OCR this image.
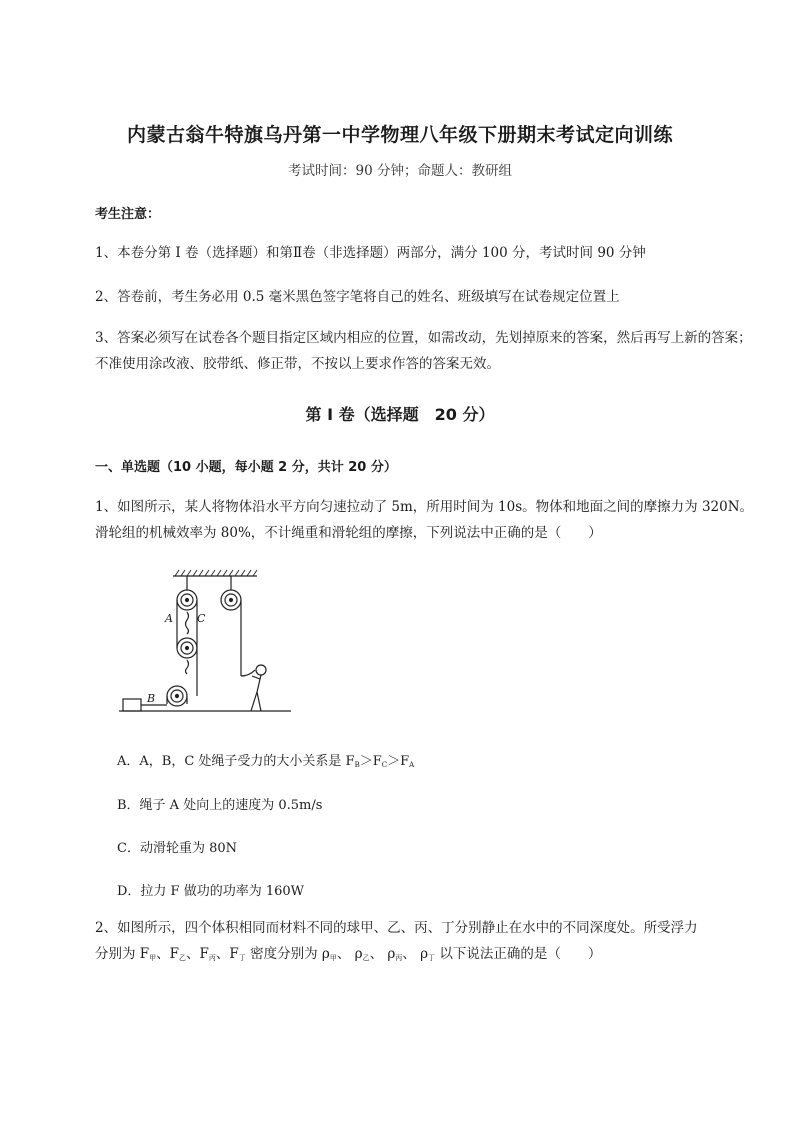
内蒙古翁牛特旗乌丹第一中学物理八年级下册期末考试定向训练
考试时间：90 分钟；命题人：教研组
考生注意：
1、本卷分第 I 卷（选择题）和第Ⅱ卷（非选择题）两部分，满分 100 分，考试时间 90 分钟
2、答卷前，考生务必用 0.5 毫米黑色签字笔将自己的姓名、班级填写在试卷规定位置上
3、答案必须写在试卷各个题目指定区域内相应的位置，如需改动，先划掉原来的答案，然后再写上新的答案；不准使用涂改液、胶带纸、修正带，不按以上要求作答的答案无效。
第 I 卷（选择题　20 分）
一、单选题（10 小题，每小题 2 分，共计 20 分）
1、如图所示，某人将物体沿水平方向匀速拉动了 5m，所用时间为 10s。物体和地面之间的摩擦力为 320N。滑轮组的机械效率为 80%，不计绳重和滑轮组的摩擦，下列说法中正确的是（　　）
A C
B
A．A，B，C 处绳子受力的大小关系是 $F_B>F_C>F_A$
B．绳子 A 处向上的速度为 0.5m/s
C．动滑轮重为 80N
D．拉力 F 做功的功率为 160W
2、如图所示，四个体积相同而材料不同的球甲、乙、丙、丁分别静止在水中的不同深度处。所受浮力
分别为 $F_甲$、$F_乙$、$F_丙$、$F_丁$ 密度分别为 $\rho_甲$、 $\rho_乙$、 $\rho_丙$、 $\rho_丁$ 以下说法正确的是（　　）
